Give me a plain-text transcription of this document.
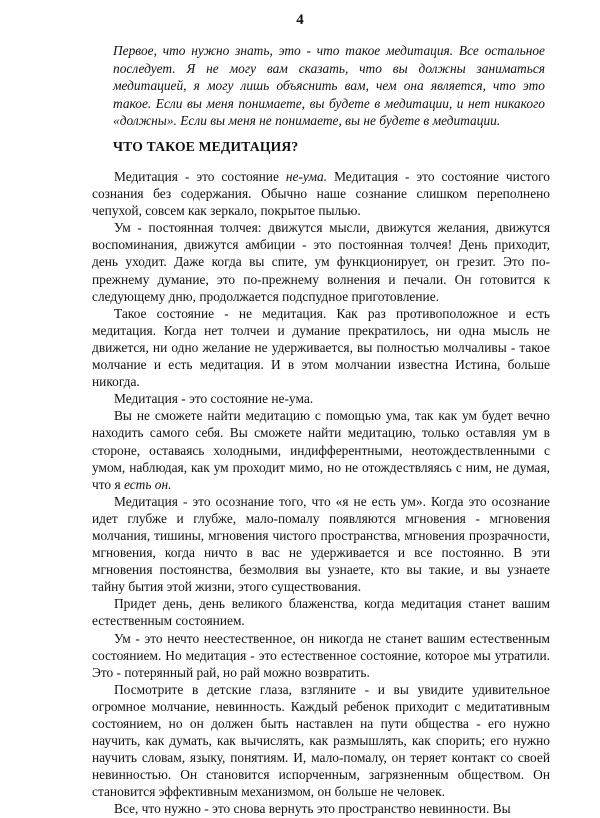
4

Первое, что нужно знать, это - что такое медитация. Все остальное последует. Я не могу вам сказать, что вы должны заниматься медитацией, я могу лишь объяснить вам, чем она является, что это такое. Если вы меня понимаете, вы будете в медитации, и нет никакого «должны». Если вы меня не понимаете, вы не будете в медитации.

ЧТО ТАКОЕ МЕДИТАЦИЯ?

Медитация - это состояние не-ума. Медитация - это состояние чистого сознания без содержания. Обычно наше сознание слишком переполнено чепухой, совсем как зеркало, покрытое пылью.

Ум - постоянная толчея: движутся мысли, движутся желания, движутся воспоминания, движутся амбиции - это постоянная толчея! День приходит, день уходит. Даже когда вы спите, ум функционирует, он грезит. Это по-прежнему думание, это по-прежнему волнения и печали. Он готовится к следующему дню, продолжается подспудное приготовление.

Такое состояние - не медитация. Как раз противоположное и есть медитация. Когда нет толчеи и думание прекратилось, ни одна мысль не движется, ни одно желание не удерживается, вы полностью молчаливы - такое молчание и есть медитация. И в этом молчании известна Истина, больше никогда.

Медитация - это состояние не-ума.

Вы не сможете найти медитацию с помощью ума, так как ум будет вечно находить самого себя. Вы сможете найти медитацию, только оставляя ум в стороне, оставаясь холодными, индифферентными, неотождествленными с умом, наблюдая, как ум проходит мимо, но не отождествляясь с ним, не думая, что я есть он.

Медитация - это осознание того, что «я не есть ум». Когда это осознание идет глубже и глубже, мало-помалу появляются мгновения - мгновения молчания, тишины, мгновения чистого пространства, мгновения прозрачности, мгновения, когда ничто в вас не удерживается и все постоянно. В эти мгновения постоянства, безмолвия вы узнаете, кто вы такие, и вы узнаете тайну бытия этой жизни, этого существования.

Придет день, день великого блаженства, когда медитация станет вашим естественным состоянием.

Ум - это нечто неестественное, он никогда не станет вашим естественным состоянием. Но медитация - это естественное состояние, которое мы утратили. Это - потерянный рай, но рай можно возвратить.

Посмотрите в детские глаза, взгляните - и вы увидите удивительное огромное молчание, невинность. Каждый ребенок приходит с медитативным состоянием, но он должен быть наставлен на пути общества - его нужно научить, как думать, как вычислять, как размышлять, как спорить; его нужно научить словам, языку, понятиям. И, мало-помалу, он теряет контакт со своей невинностью. Он становится испорченным, загрязненным обществом. Он становится эффективным механизмом, он больше не человек.

Все, что нужно - это снова вернуть это пространство невинности. Вы
